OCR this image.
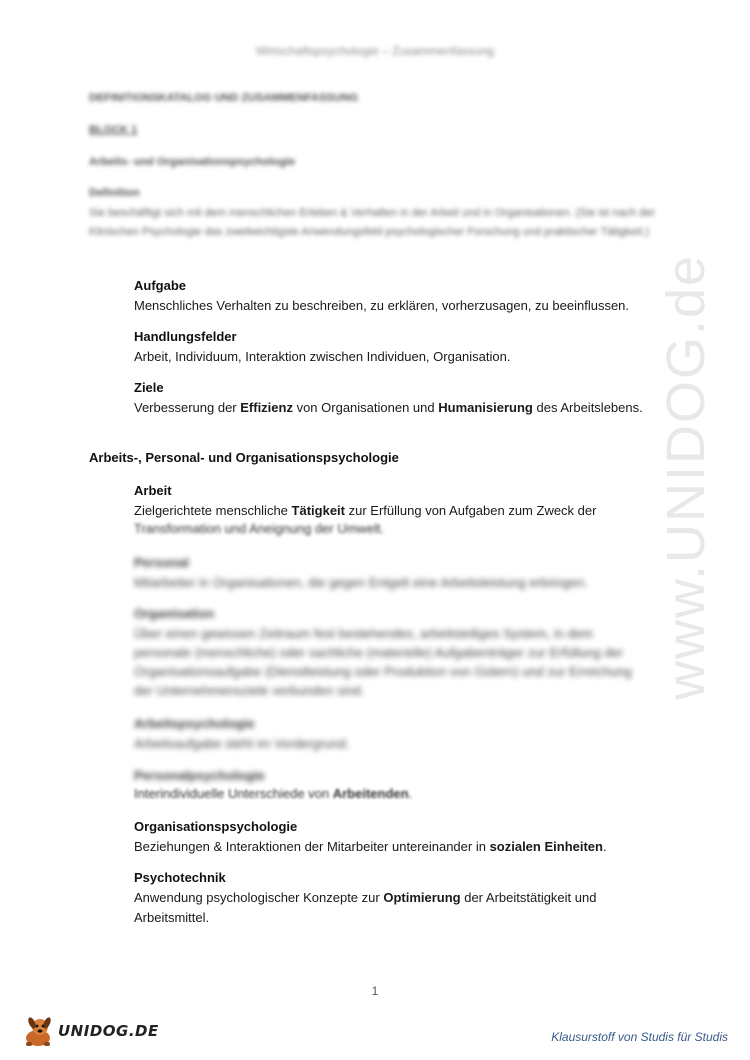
Wirtschaftspsychologie – Zusammenfassung
DEFINITIONSKATALOG UND ZUSAMMENFASSUNG
BLOCK 1
Arbeits- und Organisationspsychologie
Definition
Sie beschäftigt sich mit dem menschlichen Erleben & Verhalten in der Arbeit und in Organisationen. (Sie ist nach der Klinischen Psychologie das zweitwichtigste Anwendungsfeld psychologischer Forschung und praktischer Tätigkeit.)
Aufgabe
Menschliches Verhalten zu beschreiben, zu erklären, vorherzusagen, zu beeinflussen.
Handlungsfelder
Arbeit, Individuum, Interaktion zwischen Individuen, Organisation.
Ziele
Verbesserung der Effizienz von Organisationen und Humanisierung des Arbeitslebens.
Arbeits-, Personal- und Organisationspsychologie
Arbeit
Zielgerichtete menschliche Tätigkeit zur Erfüllung von Aufgaben zum Zweck der
Transformation und Aneignung der Umwelt.
Personal
Mitarbeiter in Organisationen, die gegen Entgelt eine Arbeitsleistung erbringen.
Organisation
Über einen gewissen Zeitraum fest bestehendes, arbeitsteiliges System, in dem personale (menschliche) oder sachliche (materielle) Aufgabenträger zur Erfüllung der Organisationsaufgabe (Dienstleistung oder Produktion von Gütern) und zur Erreichung der Unternehmensziele verbunden sind.
Arbeitspsychologie
Arbeitsaufgabe steht im Vordergrund.
Personalpsychologie
Interindividuelle Unterschiede von Arbeitenden.
Organisationspsychologie
Beziehungen & Interaktionen der Mitarbeiter untereinander in sozialen Einheiten.
Psychotechnik
Anwendung psychologischer Konzepte zur Optimierung der Arbeitstätigkeit und
Arbeitsmittel.
1
www.UNIDOG.de
UNIDOG.DE	Klausurstoff von Studis für Studis
